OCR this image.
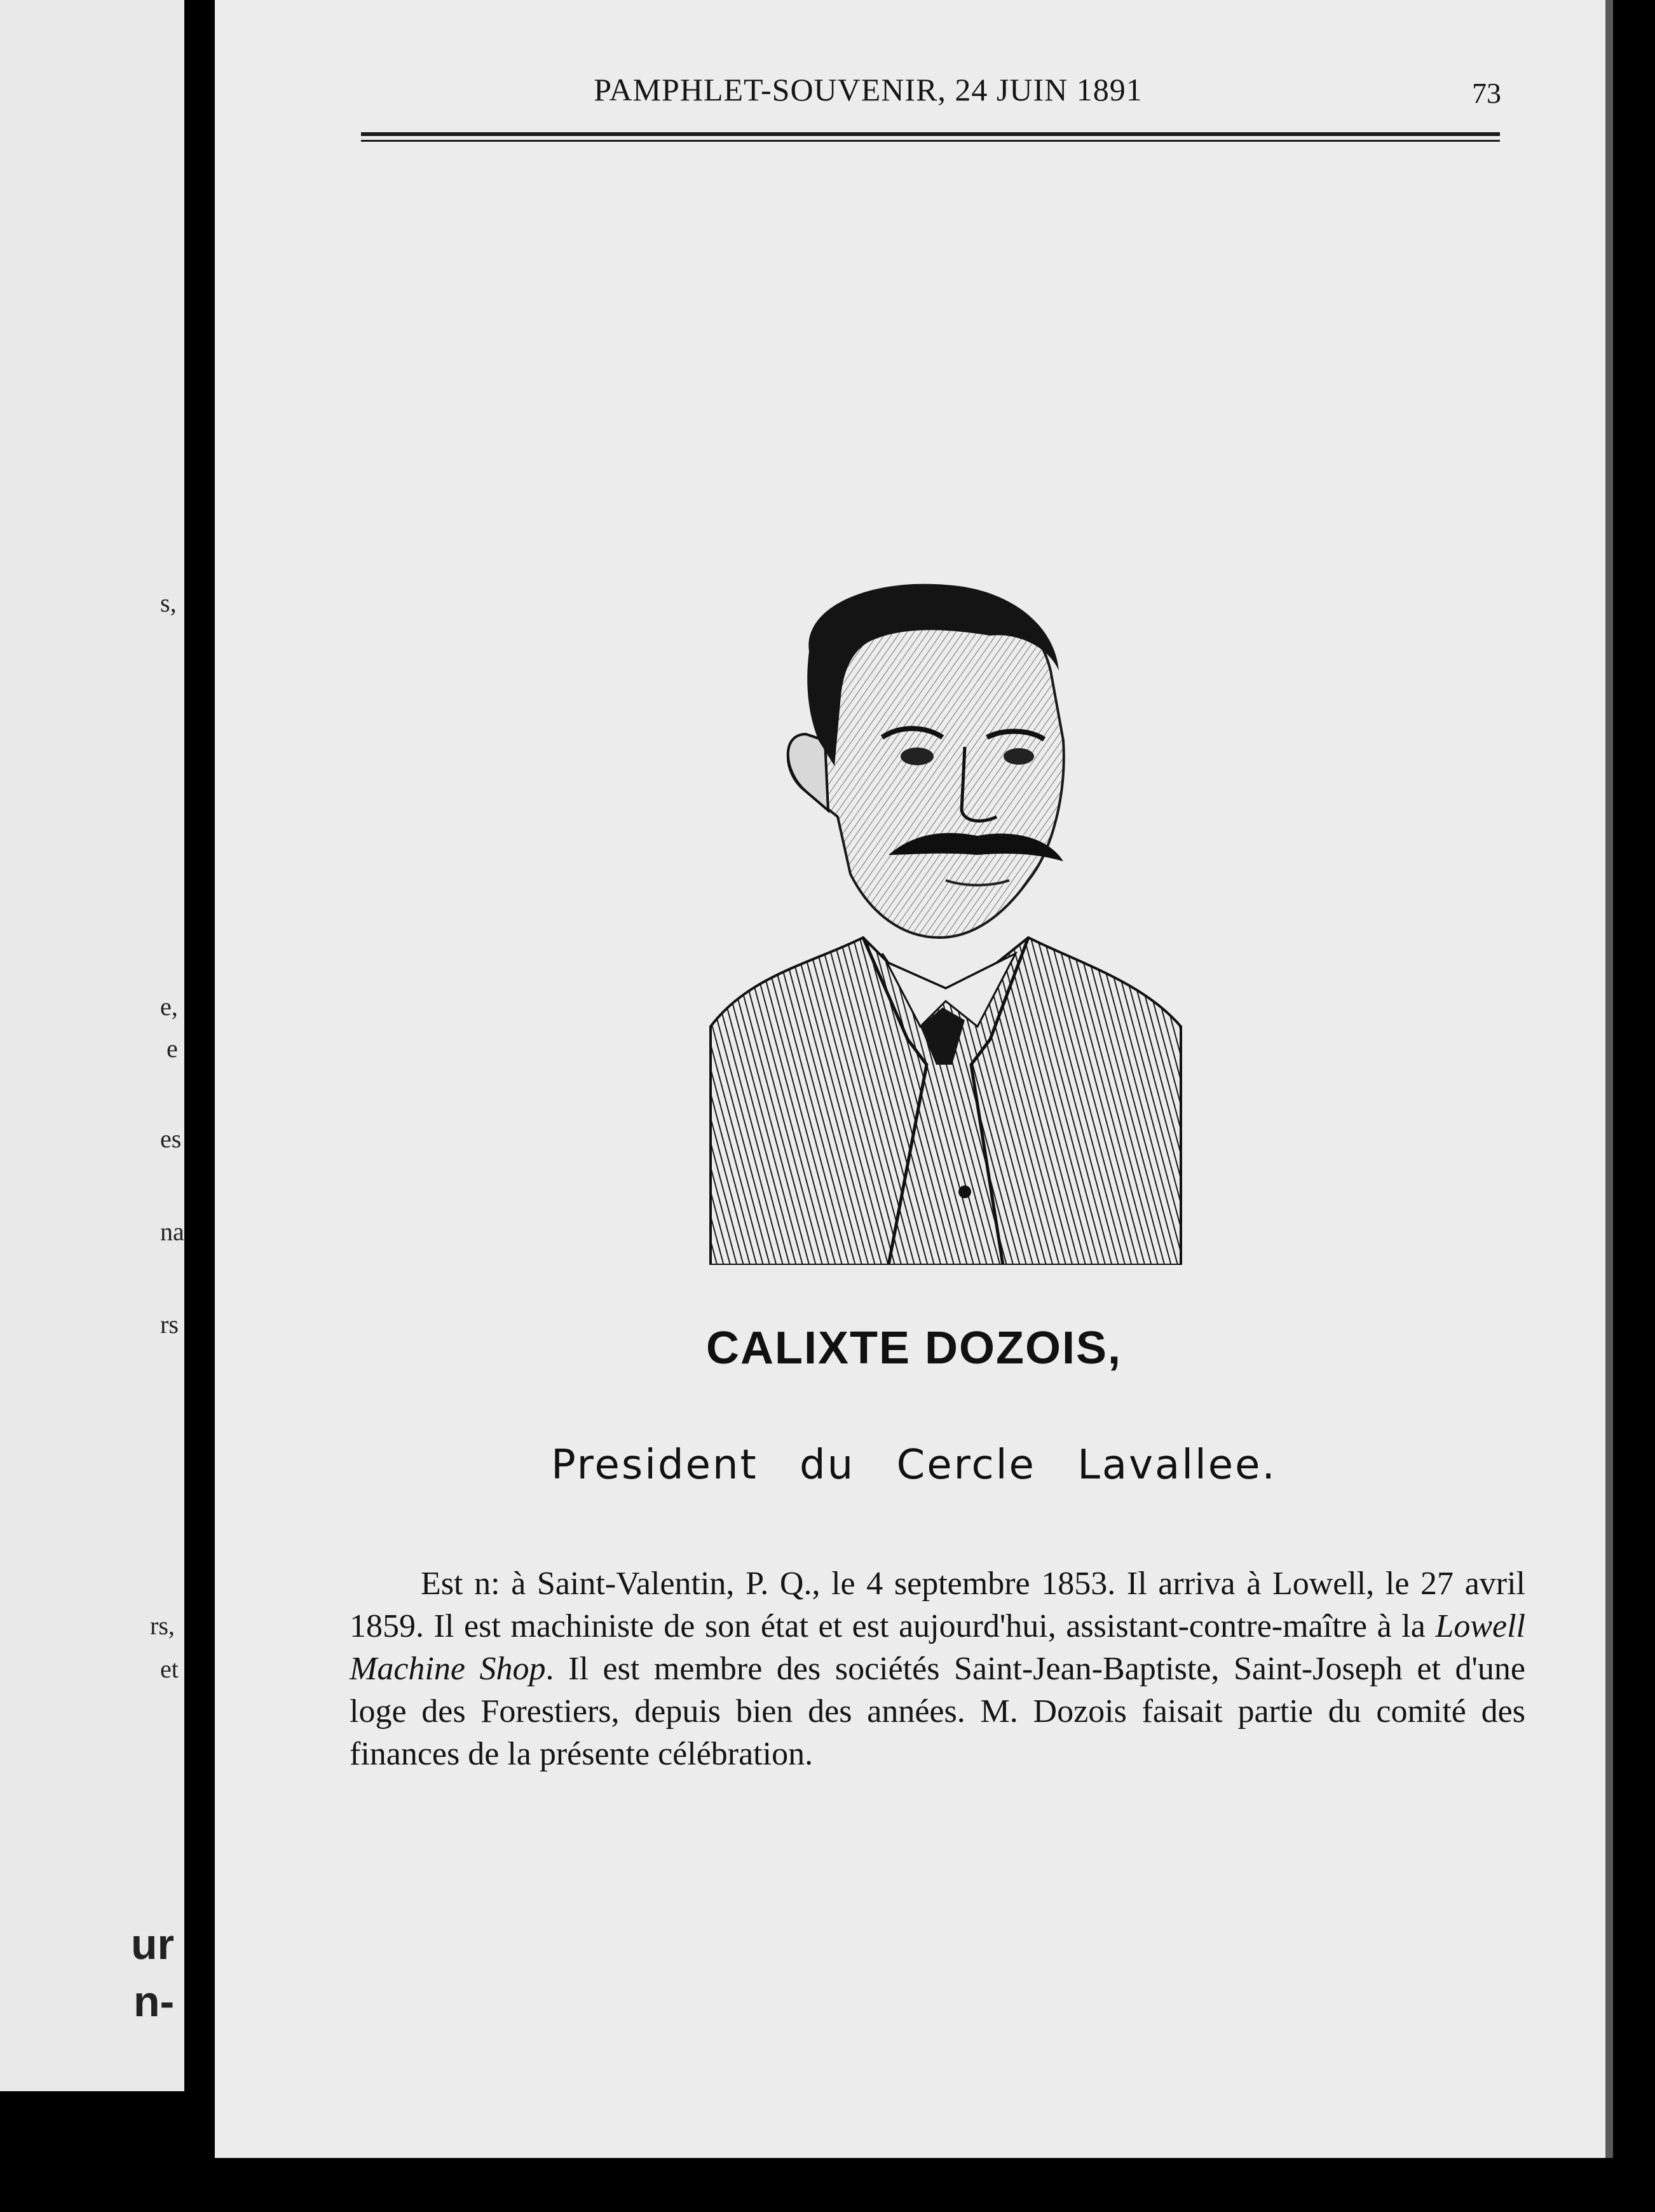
s,
e,
e
es
na
rs
rs,
et
ur
n-
PAMPHLET-SOUVENIR, 24 JUIN 1891	73
CALIXTE DOZOIS,
President du Cercle Lavallee.
Est n: à Saint-Valentin, P. Q., le 4 septembre 1853. Il arriva à Lowell, le 27 avril 1859. Il est machiniste de son état et est aujourd'hui, assistant-contre-maître à la Lowell Machine Shop. Il est membre des sociétés Saint-Jean-Baptiste, Saint-Joseph et d'une loge des Forestiers, depuis bien des années. M. Dozois faisait partie du comité des finances de la présente célébration.
